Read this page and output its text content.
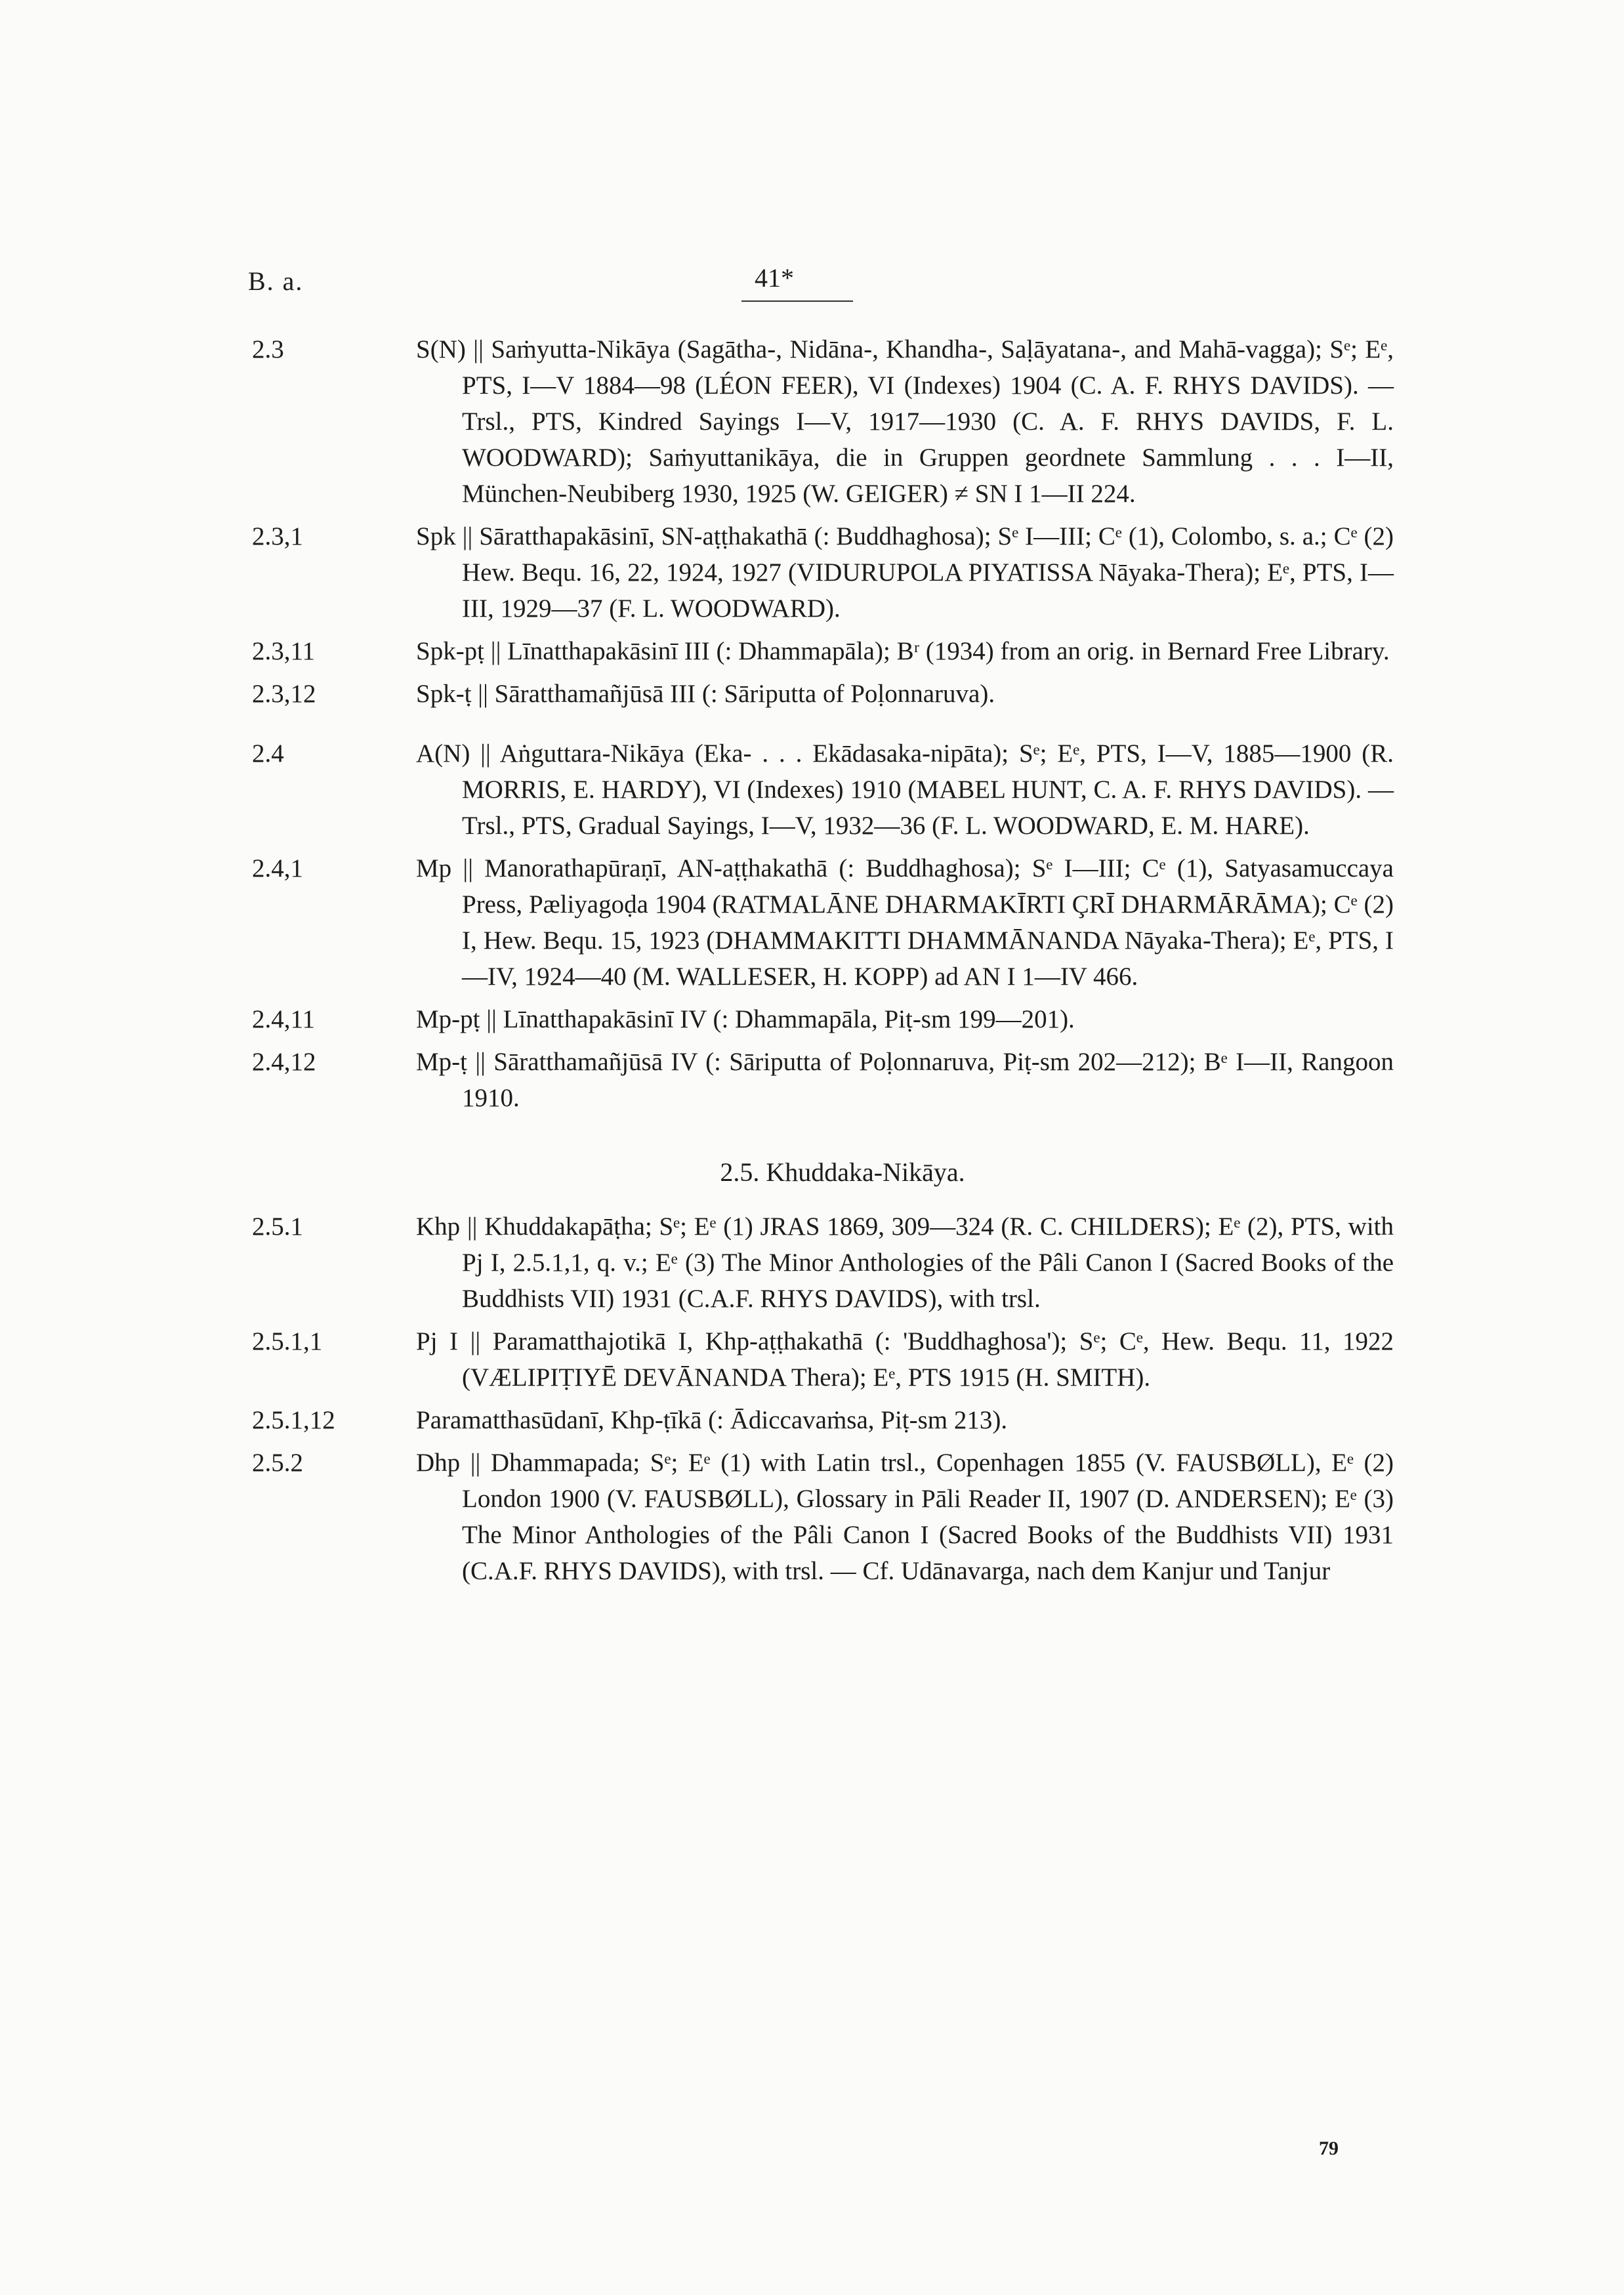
B. a.	41*
2.3	S(N) || Saṁyutta-Nikāya (Sagātha-, Nidāna-, Khandha-, Saḷāyatana-, and Mahā-vagga); Sᵉ; Eᵉ, PTS, I—V 1884—98 (LÉON FEER), VI (Indexes) 1904 (C. A. F. RHYS DAVIDS). — Trsl., PTS, Kindred Sayings I—V, 1917—1930 (C. A. F. RHYS DAVIDS, F. L. WOODWARD); Saṁyuttanikāya, die in Gruppen geordnete Sammlung . . . I—II, München-Neubiberg 1930, 1925 (W. GEIGER) ≠ SN I 1—II 224.
2.3,1	Spk || Sāratthapakāsinī, SN-aṭṭhakathā (: Buddhaghosa); Sᵉ I—III; Cᵉ (1), Colombo, s. a.; Cᵉ (2) Hew. Bequ. 16, 22, 1924, 1927 (VIDURUPOLA PIYATISSA Nāyaka-Thera); Eᵉ, PTS, I—III, 1929—37 (F. L. WOODWARD).
2.3,11	Spk-pṭ || Līnatthapakāsinī III (: Dhammapāla); Bʳ (1934) from an orig. in Bernard Free Library.
2.3,12	Spk-ṭ || Sāratthamañjūsā III (: Sāriputta of Poḷonnaruva).
2.4	A(N) || Aṅguttara-Nikāya (Eka- . . . Ekādasaka-nipāta); Sᵉ; Eᵉ, PTS, I—V, 1885—1900 (R. MORRIS, E. HARDY), VI (Indexes) 1910 (MABEL HUNT, C. A. F. RHYS DAVIDS). — Trsl., PTS, Gradual Sayings, I—V, 1932—36 (F. L. WOODWARD, E. M. HARE).
2.4,1	Mp || Manorathapūraṇī, AN-aṭṭhakathā (: Buddhaghosa); Sᵉ I—III; Cᵉ (1), Satyasamuccaya Press, Pæliyagoḍa 1904 (RATMALĀNE DHARMAKĪRTI ÇRĪ DHARMĀRĀMA); Cᵉ (2) I, Hew. Bequ. 15, 1923 (DHAMMAKITTI DHAMMĀNANDA Nāyaka-Thera); Eᵉ, PTS, I—IV, 1924—40 (M. WALLESER, H. KOPP) ad AN I 1—IV 466.
2.4,11	Mp-pṭ || Līnatthapakāsinī IV (: Dhammapāla, Piṭ-sm 199—201).
2.4,12	Mp-ṭ || Sāratthamañjūsā IV (: Sāriputta of Poḷonnaruva, Piṭ-sm 202—212); Bᵉ I—II, Rangoon 1910.
2.5. Khuddaka-Nikāya.
2.5.1	Khp || Khuddakapāṭha; Sᵉ; Eᵉ (1) JRAS 1869, 309—324 (R. C. CHILDERS); Eᵉ (2), PTS, with Pj I, 2.5.1,1, q. v.; Eᵉ (3) The Minor Anthologies of the Pâli Canon I (Sacred Books of the Buddhists VII) 1931 (C.A.F. RHYS DAVIDS), with trsl.
2.5.1,1	Pj I || Paramatthajotikā I, Khp-aṭṭhakathā (: 'Buddhaghosa'); Sᵉ; Cᵉ, Hew. Bequ. 11, 1922 (VÆLIPIṬIYĒ DEVĀNANDA Thera); Eᵉ, PTS 1915 (H. SMITH).
2.5.1,12	Paramatthasūdanī, Khp-ṭīkā (: Ādiccavaṁsa, Piṭ-sm 213).
2.5.2	Dhp || Dhammapada; Sᵉ; Eᵉ (1) with Latin trsl., Copenhagen 1855 (V. FAUSBØLL), Eᵉ (2) London 1900 (V. FAUSBØLL), Glossary in Pāli Reader II, 1907 (D. ANDERSEN); Eᵉ (3) The Minor Anthologies of the Pâli Canon I (Sacred Books of the Buddhists VII) 1931 (C.A.F. RHYS DAVIDS), with trsl. — Cf. Udānavarga, nach dem Kanjur und Tanjur
79
